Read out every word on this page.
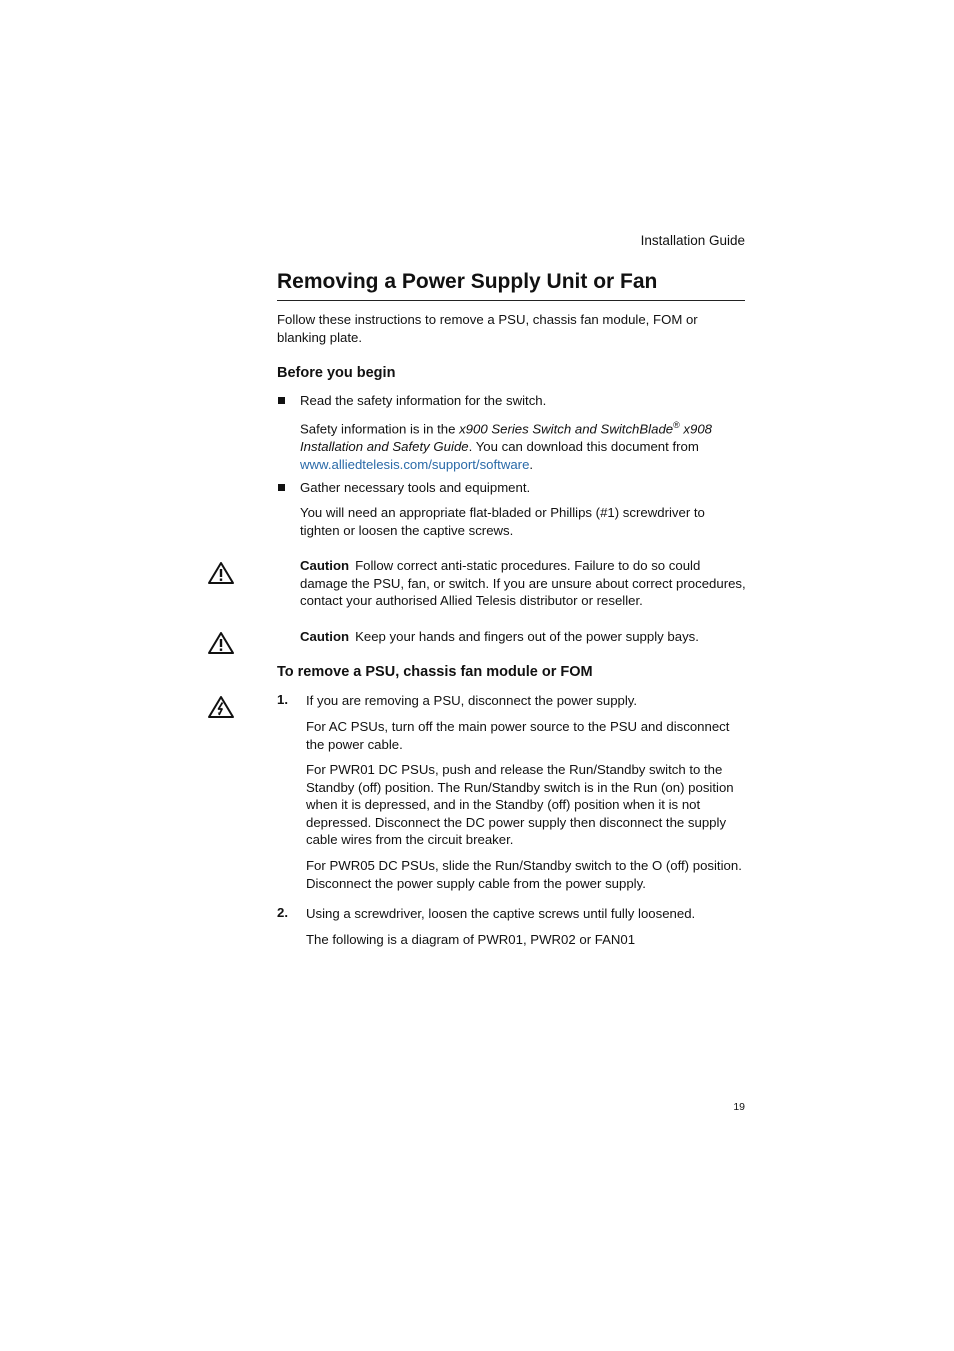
Installation Guide
Removing a Power Supply Unit or Fan

Follow these instructions to remove a PSU, chassis fan module, FOM or blanking plate.

Before you begin

Read the safety information for the switch.

Safety information is in the x900 Series Switch and SwitchBlade® x908 Installation and Safety Guide. You can download this document from www.alliedtelesis.com/support/software.

Gather necessary tools and equipment.

You will need an appropriate flat-bladed or Phillips (#1) screwdriver to tighten or loosen the captive screws.

Caution Follow correct anti-static procedures. Failure to do so could damage the PSU, fan, or switch. If you are unsure about correct procedures, contact your authorised Allied Telesis distributor or reseller.

Caution Keep your hands and fingers out of the power supply bays.

To remove a PSU, chassis fan module or FOM
1. If you are removing a PSU, disconnect the power supply.

For AC PSUs, turn off the main power source to the PSU and disconnect the power cable.

For PWR01 DC PSUs, push and release the Run/Standby switch to the Standby (off) position. The Run/Standby switch is in the Run (on) position when it is depressed, and in the Standby (off) position when it is not depressed. Disconnect the DC power supply then disconnect the supply cable wires from the circuit breaker.

For PWR05 DC PSUs, slide the Run/Standby switch to the O (off) position. Disconnect the power supply cable from the power supply.

2. Using a screwdriver, loosen the captive screws until fully loosened.

The following is a diagram of PWR01, PWR02 or FAN01

19
